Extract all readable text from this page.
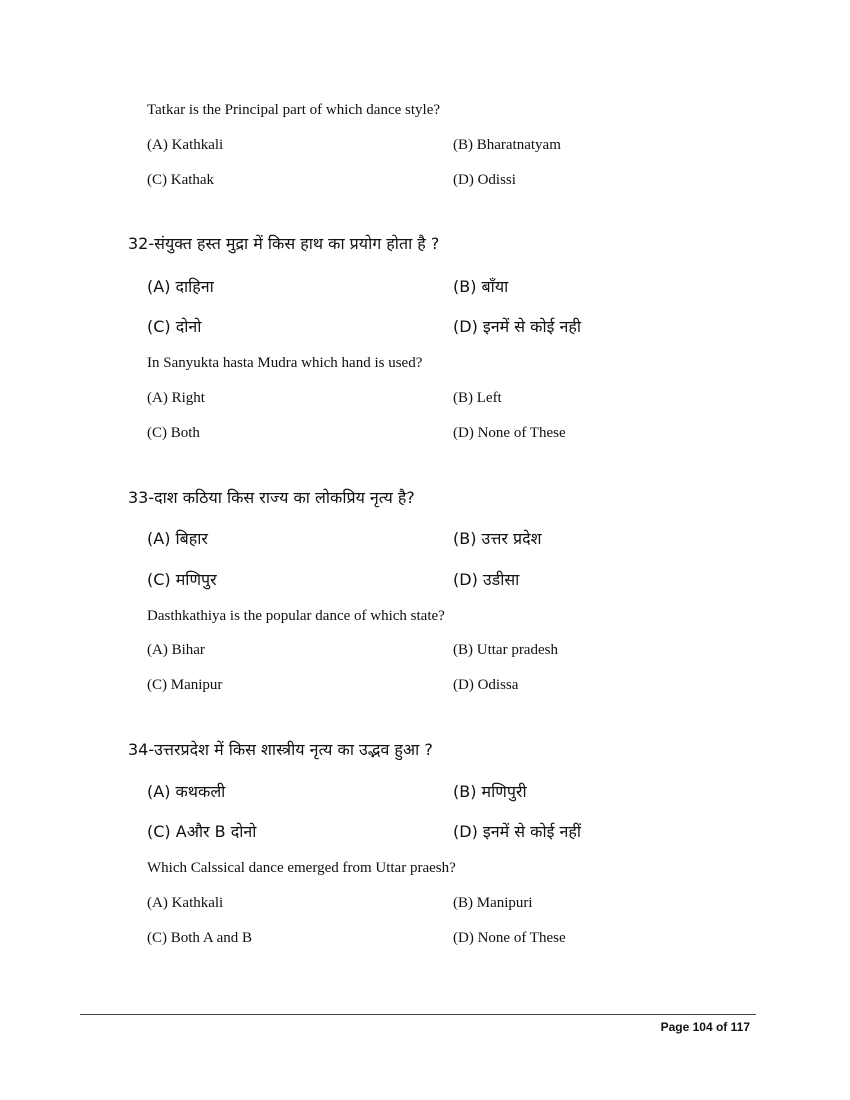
Tatkar is the Principal part of which dance style?
(A) Kathkali	(B) Bharatnatyam
(C) Kathak	(D) Odissi
32-संयुक्त हस्त मुद्रा में किस हाथ का प्रयोग होता है ?
(A) दाहिना	(B) बाँया
(C) दोनो	(D) इनमें से कोई नही
In Sanyukta hasta Mudra which hand is used?
(A) Right	(B) Left
(C) Both	(D) None of These
33-दाश कठिया किस राज्य का लोकप्रिय नृत्य है?
(A) बिहार	(B) उत्तर प्रदेश
(C) मणिपुर	(D) उडीसा
Dasthkathiya is the popular dance of which state?
(A) Bihar	(B) Uttar pradesh
(C) Manipur	(D) Odissa
34-उत्तरप्रदेश में किस शास्त्रीय नृत्य का उद्भव हुआ ?
(A) कथकली	(B) मणिपुरी
(C) Aऔर B दोनो	(D) इनमें से कोई नहीं
Which Calssical dance emerged from Uttar praesh?
(A) Kathkali	(B) Manipuri
(C) Both A and B	(D) None of These
Page 104 of 117
